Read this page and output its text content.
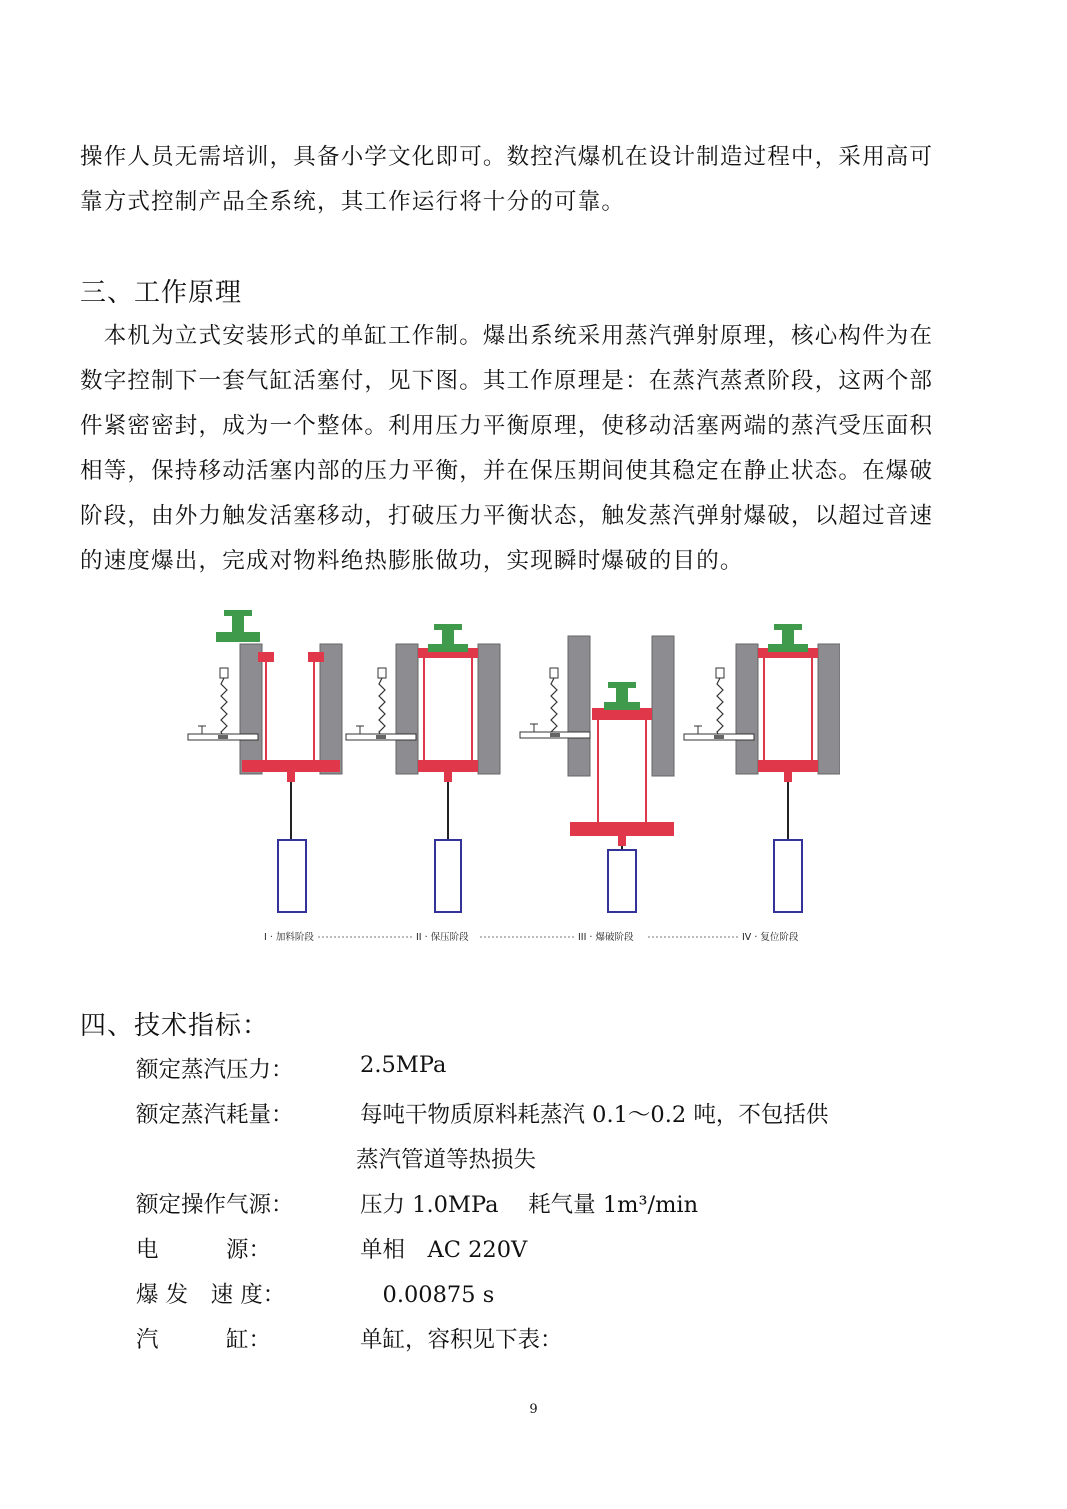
操作人员无需培训，具备小学文化即可。数控汽爆机在设计制造过程中，采用高可

靠方式控制产品全系统，其工作运行将十分的可靠。

三、工作原理

　本机为立式安装形式的单缸工作制。爆出系统采用蒸汽弹射原理，核心构件为在

数字控制下一套气缸活塞付，见下图。其工作原理是：在蒸汽蒸煮阶段，这两个部

件紧密密封，成为一个整体。利用压力平衡原理，使移动活塞两端的蒸汽受压面积

相等，保持移动活塞内部的压力平衡，并在保压期间使其稳定在静止状态。在爆破

阶段，由外力触发活塞移动，打破压力平衡状态，触发蒸汽弹射爆破，以超过音速

的速度爆出，完成对物料绝热膨胀做功，实现瞬时爆破的目的。

I · 加料阶段	II · 保压阶段	III · 爆破阶段	IV · 复位阶段
四、技术指标：
额定蒸汽压力：	2.5MPa
额定蒸汽耗量：	每吨干物质原料耗蒸汽 0.1～0.2 吨，不包括供
蒸汽管道等热损失
额定操作气源：	压力 1.0MPa　 耗气量 1m³/min
电　　　源：	单相　AC 220V
爆 发　速 度：	　0.00875 s
汽　　　缸：	单缸，容积见下表：
9
